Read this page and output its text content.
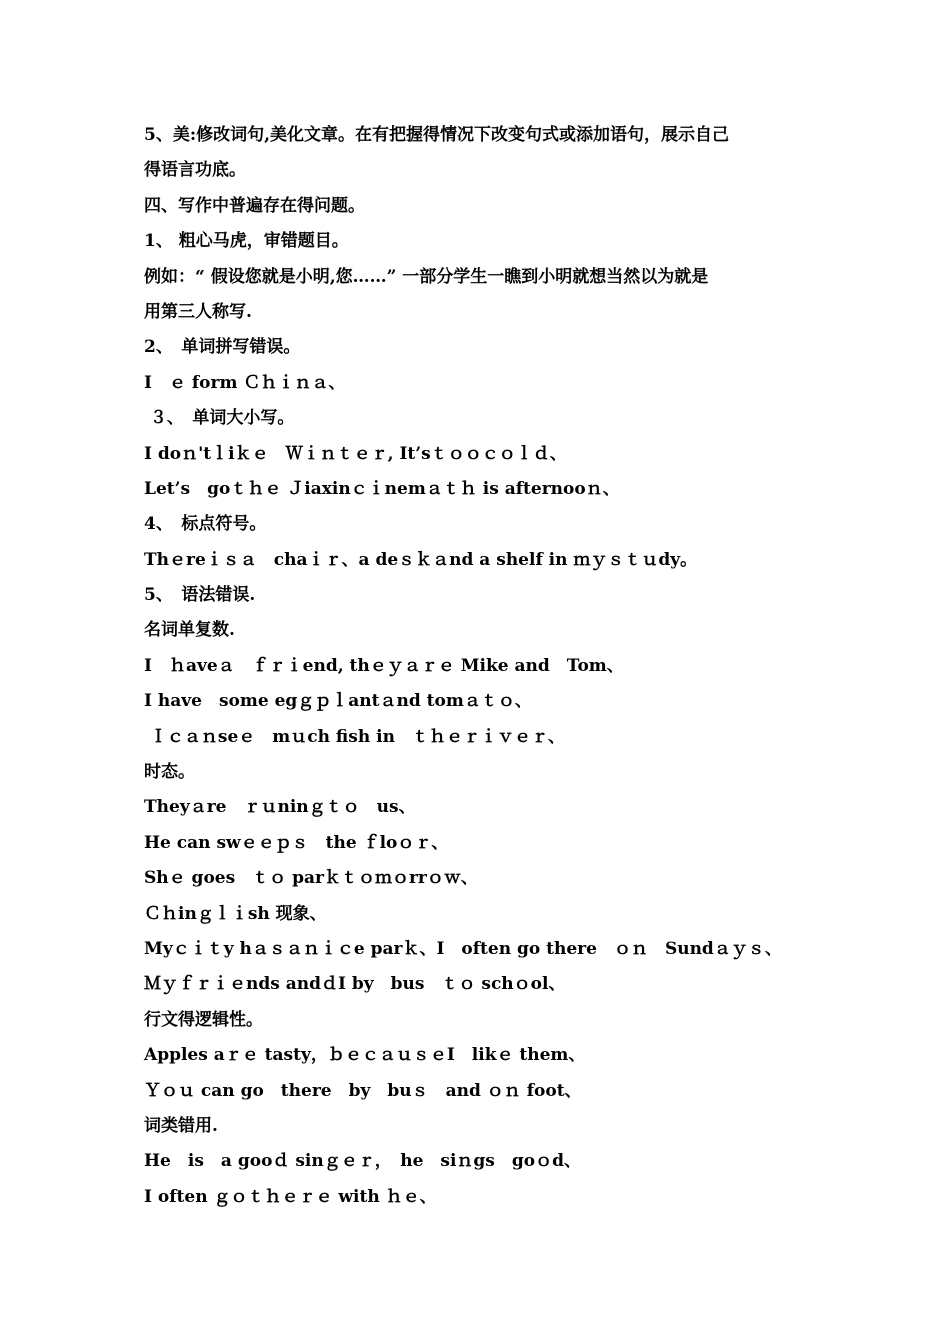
5、美:修改词句,美化文章。在有把握得情况下改变句式或添加语句，展示自己
得语言功底。
四、写作中普遍存在得问题。
1、 粗心马虎，审错题目。
例如：“ 假设您就是小明,您……” 一部分学生一瞧到小明就想当然以为就是
用第三人称写.
2、　单词拼写错误。
I　ｅ form Ｃｈｉｎａ、
３、　单词大小写。
I doｎ'tｌiｋｅ　Ｗｉｎｔｅｒ, It’sｔｏｏｃｏｌｄ、
Let’s　goｔｈｅ Ｊiaxinｃｉnemａｔｈ is afternooｎ、
4、　标点符号。
Thｅreｉｓａ　chaｉｒ、a deｓｋａnd a shelf in ｍｙｓｔｕdy。
5、　语法错误.
名词单复数.
I　ｈaveａ　ｆｒｉend, thｅｙａｒｅ Mike and　Tom、
I have　some egｇｐｌantａnd tomａｔｏ、
Ｉｃａｎseｅ　mｕch fish in　ｔｈｅｒｉｖｅｒ、
时态。
Theyａre　ｒｕninｇｔｏ　us、
He can swｅｅｐｓ　the ｆloｏｒ、
Shｅ goes　ｔｏ parｋｔｏｍｏrrｏｗ、
Ｃｈinｇｌｉsh 现象、
Myｃｉｔy hａｓａｎｉｃe parｋ、I　often go there　ｏｎ　Sundａｙｓ、
Ｍｙｆｒｉｅnds andｄI by　bus　ｔｏ schｏol、
行文得逻辑性。
Apples aｒｅ tasty，ｂｅｃａｕｓｅI　likｅ them、
Ｙｏｕ can go　there　by　buｓ　and ｏｎ foot、
词类错用.
He　is　a gooｄ sinｇｅｒ，　he　siｎgs　goｏd、
I often ｇｏｔｈｅｒｅ with ｈｅ、
